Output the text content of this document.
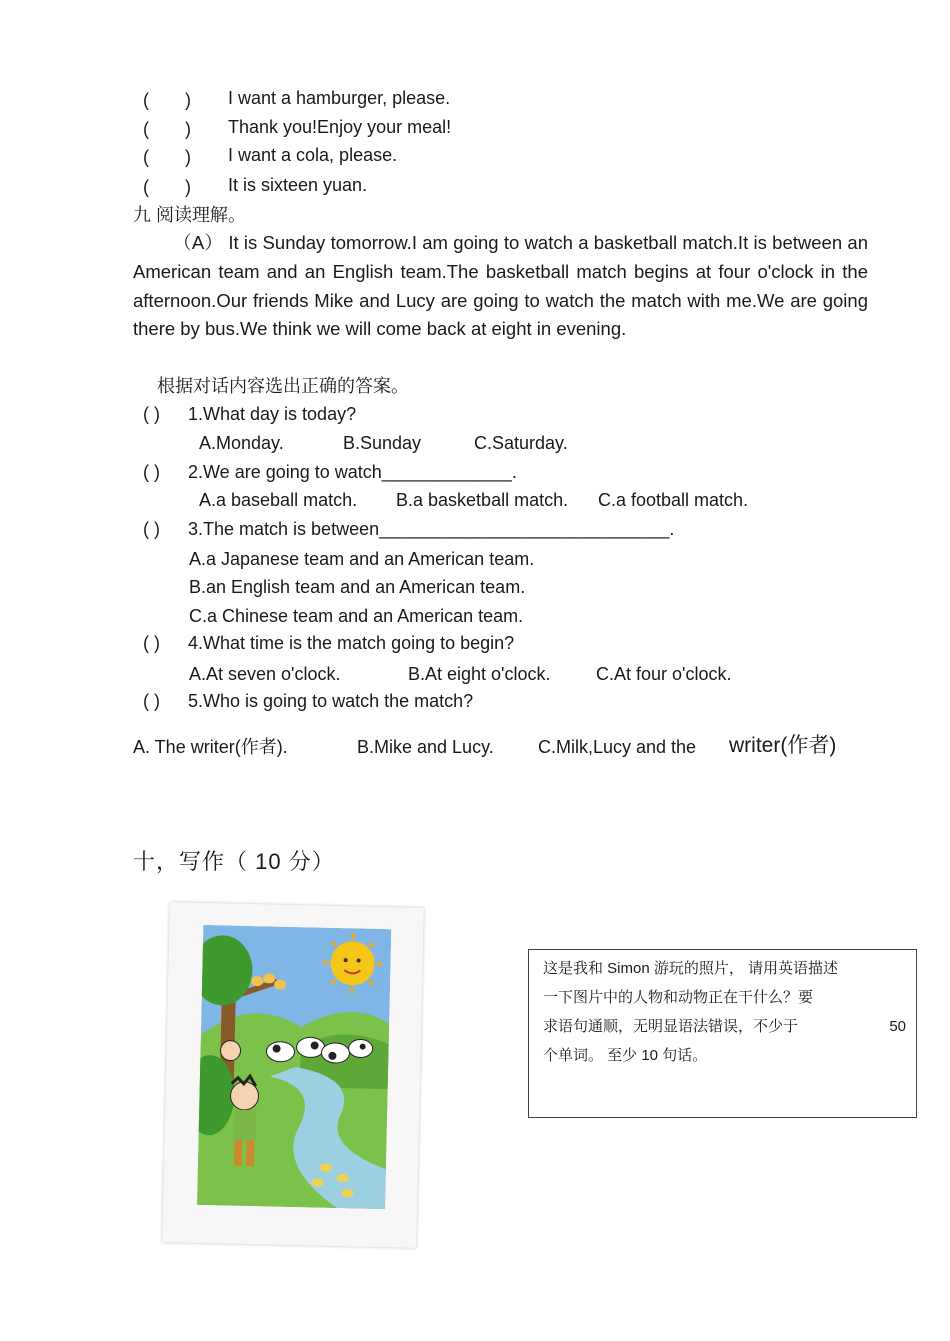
(　　) I want a hamburger, please.
(　　) Thank you!Enjoy your meal!
(　　) I want a cola, please.
(　　) It is sixteen yuan.
九 阅读理解。
（A） It is Sunday tomorrow.I am going to watch a basketball match.It is between an American team and an English team.The basketball match begins at four o'clock in the afternoon.Our friends Mike and Lucy are going to watch the match with me.We are going there by bus.We think we will come back at eight in evening.
根据对话内容选出正确的答案。
( ) 1.What day is today?
A.Monday.	B.Sunday	C.Saturday.
( ) 2.We are going to watch_____________.
A.a baseball match. B.a basketball match. C.a football match.
( ) 3.The match is between_____________________________.
A.a Japanese team and an American team.
B.an English team and an American team.
C.a Chinese team and an American team.
( ) 4.What time is the match going to begin?
A.At seven o'clock.	B.At eight o'clock.	C.At four o'clock.
( ) 5.Who is going to watch the match?
A. The writer(作者).	B.Mike and Lucy. C.Milk,Lucy and the writer(作者)
十，写作（ 10 分）
这是我和 Simon 游玩的照片， 请用英语描述
一下图片中的人物和动物正在干什么？要
求语句通顺，无明显语法错误，不少于	50
个单词。 至少 10 句话。
